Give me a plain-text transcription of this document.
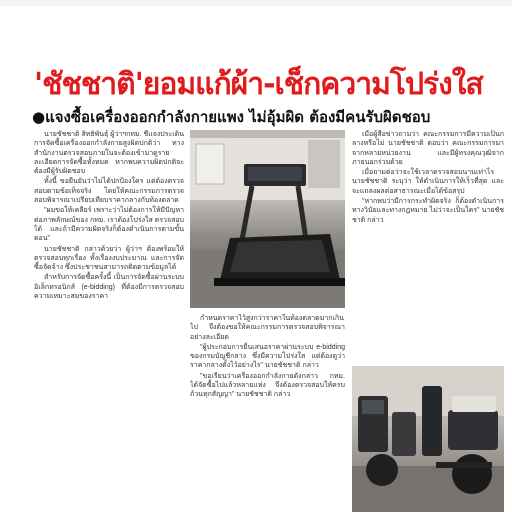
'ชัชชาติ'ยอมแก้ผ้า-เช็กความโปร่งใส
●แจงซื้อเครื่องออกกำลังกายแพง ไม่อุ้มผิด ต้องมีคนรับผิดชอบ

นายชัชชาติ สิทธิพันธุ์ ผู้ว่าฯกทม. ชี้แจงประเด็นการจัดซื้อเครื่องออกกำลังกายสูงผิดปกติว่า ทางสำนักงานตรวจสอบภายในจะต้องเข้ามาดูรายละเอียดการจัดซื้อทั้งหมด หากพบความผิดปกติจะต้องมีผู้รับผิดชอบ

ทั้งนี้ ขอยืนยันว่าไม่ได้ปกป้องใคร แต่ต้องตรวจสอบตามข้อเท็จจริง โดยให้คณะกรรมการตรวจสอบพิจารณาเปรียบเทียบราคากลางกับท้องตลาด

"ผมขอให้เคลียร์ เพราะว่าไม่ต้องการให้มีปัญหาต่อภาพลักษณ์ของ กทม. เราต้องโปร่งใส ตรวจสอบได้ และถ้ามีความผิดจริงก็ต้องดำเนินการตามขั้นตอน"

นายชัชชาติ กล่าวด้วยว่า ผู้ว่าฯ ต้องพร้อมให้ตรวจสอบทุกเรื่อง ทั้งเรื่องงบประมาณ และการจัดซื้อจัดจ้าง ซึ่งประชาชนสามารถติดตามข้อมูลได้

สำหรับการจัดซื้อครั้งนี้ เป็นการจัดซื้อผ่านระบบอิเล็กทรอนิกส์ (e-bidding) ที่ต้องมีการตรวจสอบความเหมาะสมของราคา

กำหนดราคาไว้สูงกว่าราคาในท้องตลาดมากเกินไป จึงต้องขอให้คณะกรรมการตรวจสอบพิจารณาอย่างละเอียด

"ผู้ประกอบการยื่นเสนอราคาผ่านระบบ e-bidding ของกรมบัญชีกลาง ซึ่งมีความโปร่งใส แต่ต้องดูว่าราคากลางตั้งไว้อย่างไร" นายชัชชาติ กล่าว

"ขอเรียนว่าเครื่องออกกำลังกายดังกล่าว กทม. ได้จัดซื้อไปแล้วหลายแห่ง จึงต้องตรวจสอบให้ครบถ้วนทุกสัญญา" นายชัชชาติ กล่าว

เมื่อผู้สื่อข่าวถามว่า คณะกรรมการมีความเป็นกลางหรือไม่ นายชัชชาติ ตอบว่า คณะกรรมการมาจากหลายหน่วยงาน และมีผู้ทรงคุณวุฒิจากภายนอกร่วมด้วย

เมื่อถามต่อว่าจะใช้เวลาตรวจสอบนานเท่าไร นายชัชชาติ ระบุว่า ให้ดำเนินการให้เร็วที่สุด และจะแถลงผลต่อสาธารณะเมื่อได้ข้อสรุป

"หากพบว่ามีการกระทำผิดจริง ก็ต้องดำเนินการทางวินัยและทางกฎหมาย ไม่ว่าจะเป็นใคร" นายชัชชาติ กล่าว
